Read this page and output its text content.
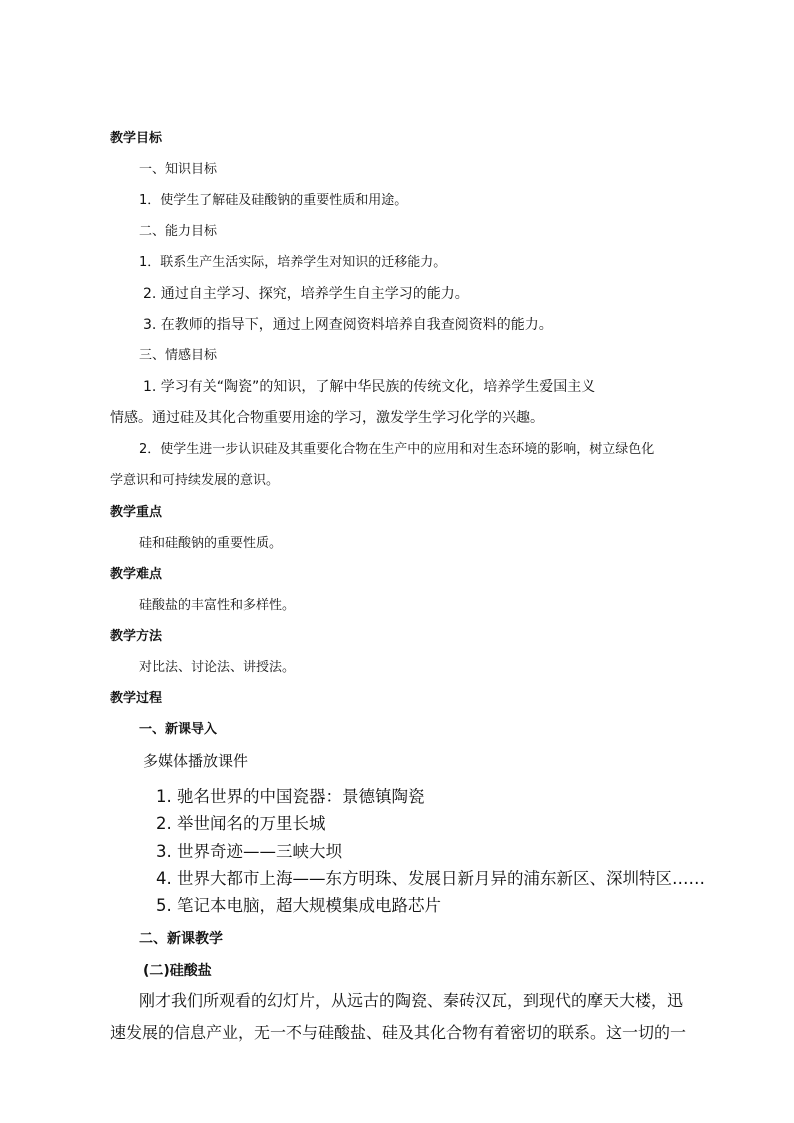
教学目标
一、知识目标
1．使学生了解硅及硅酸钠的重要性质和用途。
二、能力目标
1．联系生产生活实际，培养学生对知识的迁移能力。
2. 通过自主学习、探究，培养学生自主学习的能力。
3. 在教师的指导下，通过上网查阅资料培养自我查阅资料的能力。
三、情感目标
1. 学习有关“陶瓷”的知识，了解中华民族的传统文化，培养学生爱国主义
情感。通过硅及其化合物重要用途的学习，激发学生学习化学的兴趣。
2．使学生进一步认识硅及其重要化合物在生产中的应用和对生态环境的影响，树立绿色化
学意识和可持续发展的意识。
教学重点
硅和硅酸钠的重要性质。
教学难点
硅酸盐的丰富性和多样性。
教学方法
对比法、讨论法、讲授法。
教学过程
一、新课导入
多媒体播放课件
1. 驰名世界的中国瓷器：景德镇陶瓷
2. 举世闻名的万里长城
3. 世界奇迹——三峡大坝
4. 世界大都市上海——东方明珠、发展日新月异的浦东新区、深圳特区……
5. 笔记本电脑，超大规模集成电路芯片
二、新课教学
(二)硅酸盐
刚才我们所观看的幻灯片，从远古的陶瓷、秦砖汉瓦，到现代的摩天大楼，迅
速发展的信息产业，无一不与硅酸盐、硅及其化合物有着密切的联系。这一切的一
